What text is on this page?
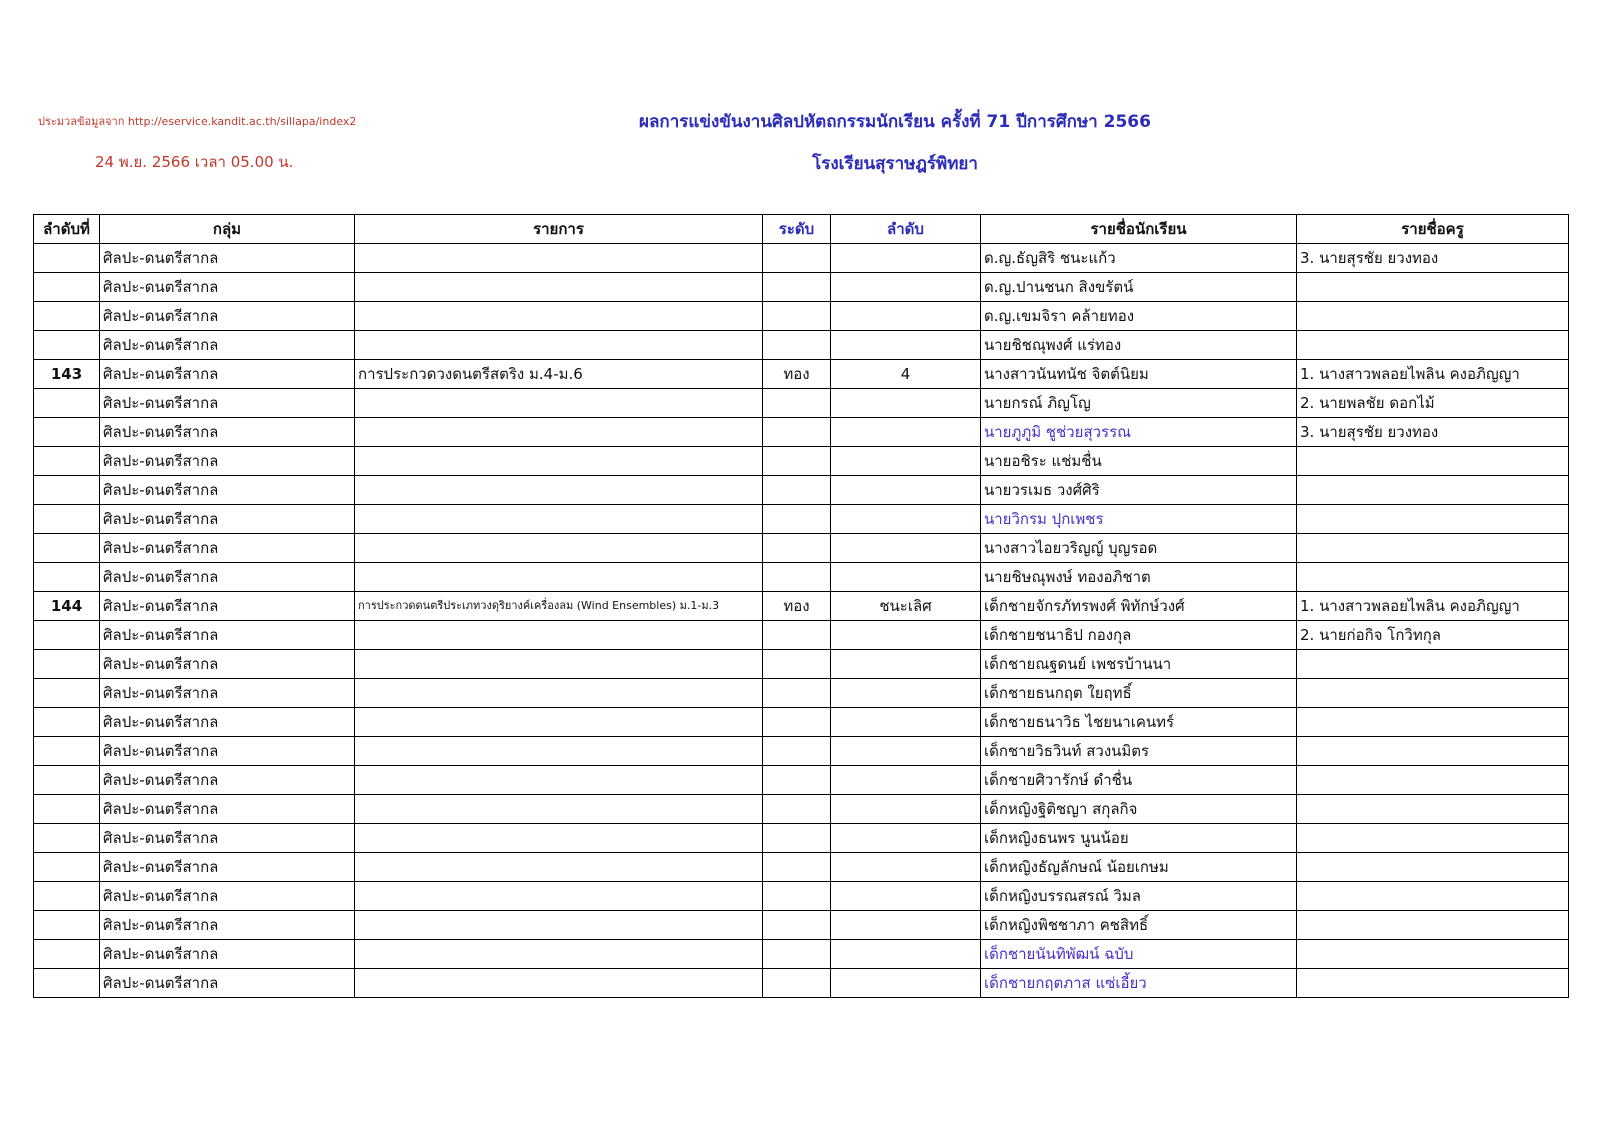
ประมวลข้อมูลจาก http://eservice.kandit.ac.th/sillapa/index2
24 พ.ย. 2566 เวลา 05.00 น.
ผลการแข่งขันงานศิลปหัตถกรรมนักเรียน ครั้งที่ 71 ปีการศึกษา 2566
โรงเรียนสุราษฎร์พิทยา
ลำดับที่	กลุ่ม	รายการ	ระดับ	ลำดับ	รายชื่อนักเรียน	รายชื่อครู
	ศิลปะ-ดนตรีสากล				ด.ญ.ธัญสิริ ชนะแก้ว	3. นายสุรชัย ยวงทอง
	ศิลปะ-ดนตรีสากล				ด.ญ.ปานชนก สิงขรัตน์	
	ศิลปะ-ดนตรีสากล				ด.ญ.เขมจิรา คล้ายทอง	
	ศิลปะ-ดนตรีสากล				นายชิชณุพงศ์ แร่ทอง	
143	ศิลปะ-ดนตรีสากล	การประกวดวงดนตรีสตริง ม.4-ม.6	ทอง	4	นางสาวนันทนัช จิตต์นิยม	1. นางสาวพลอยไพลิน คงอภิญญา
	ศิลปะ-ดนตรีสากล				นายกรณ์ ภิญโญ	2. นายพลชัย ดอกไม้
	ศิลปะ-ดนตรีสากล				นายภูภูมิ ชูช่วยสุวรรณ	3. นายสุรชัย ยวงทอง
	ศิลปะ-ดนตรีสากล				นายอชิระ แช่มชื่น	
	ศิลปะ-ดนตรีสากล				นายวรเมธ วงศ์ศิริ	
	ศิลปะ-ดนตรีสากล				นายวิกรม ปุกเพชร	
	ศิลปะ-ดนตรีสากล				นางสาวไอยวริญญ์ บุญรอด	
	ศิลปะ-ดนตรีสากล				นายชิษณุพงษ์ ทองอภิชาต	
144	ศิลปะ-ดนตรีสากล	การประกวดดนตรีประเภทวงดุริยางค์เครื่องลม (Wind Ensembles) ม.1-ม.3	ทอง	ชนะเลิศ	เด็กชายจักรภัทรพงศ์ พิทักษ์วงศ์	1. นางสาวพลอยไพลิน คงอภิญญา
	ศิลปะ-ดนตรีสากล				เด็กชายชนาธิป กองกุล	2. นายก่อกิจ โกวิทกุล
	ศิลปะ-ดนตรีสากล				เด็กชายณฐดนย์ เพชรบ้านนา	
	ศิลปะ-ดนตรีสากล				เด็กชายธนกฤต ใยฤทธิ์	
	ศิลปะ-ดนตรีสากล				เด็กชายธนาวิธ ไชยนาเคนทร์	
	ศิลปะ-ดนตรีสากล				เด็กชายวิธวินท์ สวงนมิตร	
	ศิลปะ-ดนตรีสากล				เด็กชายศิวารักษ์ ดำชื่น	
	ศิลปะ-ดนตรีสากล				เด็กหญิงฐิติชญา สกุลกิจ	
	ศิลปะ-ดนตรีสากล				เด็กหญิงธนพร นูนน้อย	
	ศิลปะ-ดนตรีสากล				เด็กหญิงธัญลักษณ์ น้อยเกษม	
	ศิลปะ-ดนตรีสากล				เด็กหญิงบรรณสรณ์ วิมล	
	ศิลปะ-ดนตรีสากล				เด็กหญิงพิชชาภา คชสิทธิ์	
	ศิลปะ-ดนตรีสากล				เด็กชายนันทิพัฒน์ ฉบับ	
	ศิลปะ-ดนตรีสากล				เด็กชายกฤตภาส แซ่เอี้ยว	
